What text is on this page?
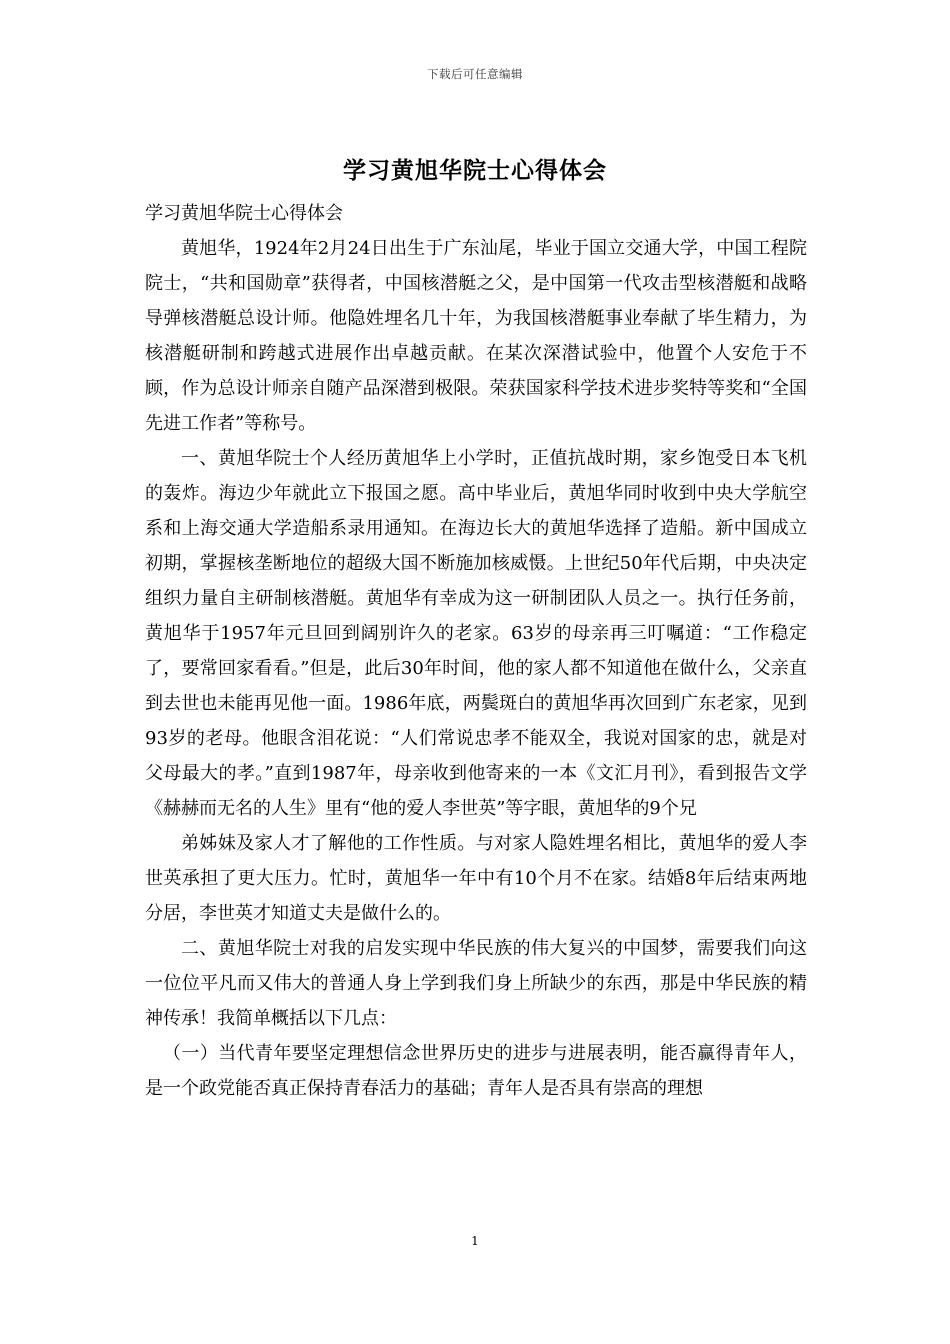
下载后可任意编辑
学习黄旭华院士心得体会

学习黄旭华院士心得体会

黄旭华，1924年2月24日出生于广东汕尾，毕业于国立交通大学，中国工程院院士，“共和国勋章”获得者，中国核潜艇之父，是中国第一代攻击型核潜艇和战略导弹核潜艇总设计师。他隐姓埋名几十年，为我国核潜艇事业奉献了毕生精力，为核潜艇研制和跨越式进展作出卓越贡献。在某次深潜试验中，他置个人安危于不顾，作为总设计师亲自随产品深潜到极限。荣获国家科学技术进步奖特等奖和“全国先进工作者”等称号。

一、黄旭华院士个人经历黄旭华上小学时，正值抗战时期，家乡饱受日本飞机的轰炸。海边少年就此立下报国之愿。高中毕业后，黄旭华同时收到中央大学航空系和上海交通大学造船系录用通知。在海边长大的黄旭华选择了造船。新中国成立初期，掌握核垄断地位的超级大国不断施加核威慑。上世纪50年代后期，中央决定组织力量自主研制核潜艇。黄旭华有幸成为这一研制团队人员之一。执行任务前，黄旭华于1957年元旦回到阔别许久的老家。63岁的母亲再三叮嘱道：“工作稳定了，要常回家看看。”但是，此后30年时间，他的家人都不知道他在做什么，父亲直到去世也未能再见他一面。1986年底，两鬓斑白的黄旭华再次回到广东老家，见到93岁的老母。他眼含泪花说：“人们常说忠孝不能双全，我说对国家的忠，就是对父母最大的孝。”直到1987年，母亲收到他寄来的一本《文汇月刊》，看到报告文学《赫赫而无名的人生》里有“他的爱人李世英”等字眼，黄旭华的9个兄

弟姊妹及家人才了解他的工作性质。与对家人隐姓埋名相比，黄旭华的爱人李世英承担了更大压力。忙时，黄旭华一年中有10个月不在家。结婚8年后结束两地分居，李世英才知道丈夫是做什么的。

二、黄旭华院士对我的启发实现中华民族的伟大复兴的中国梦，需要我们向这一位位平凡而又伟大的普通人身上学到我们身上所缺少的东西，那是中华民族的精神传承！我简单概括以下几点：

（一）当代青年要坚定理想信念世界历史的进步与进展表明，能否赢得青年人，是一个政党能否真正保持青春活力的基础；青年人是否具有崇高的理想

1
